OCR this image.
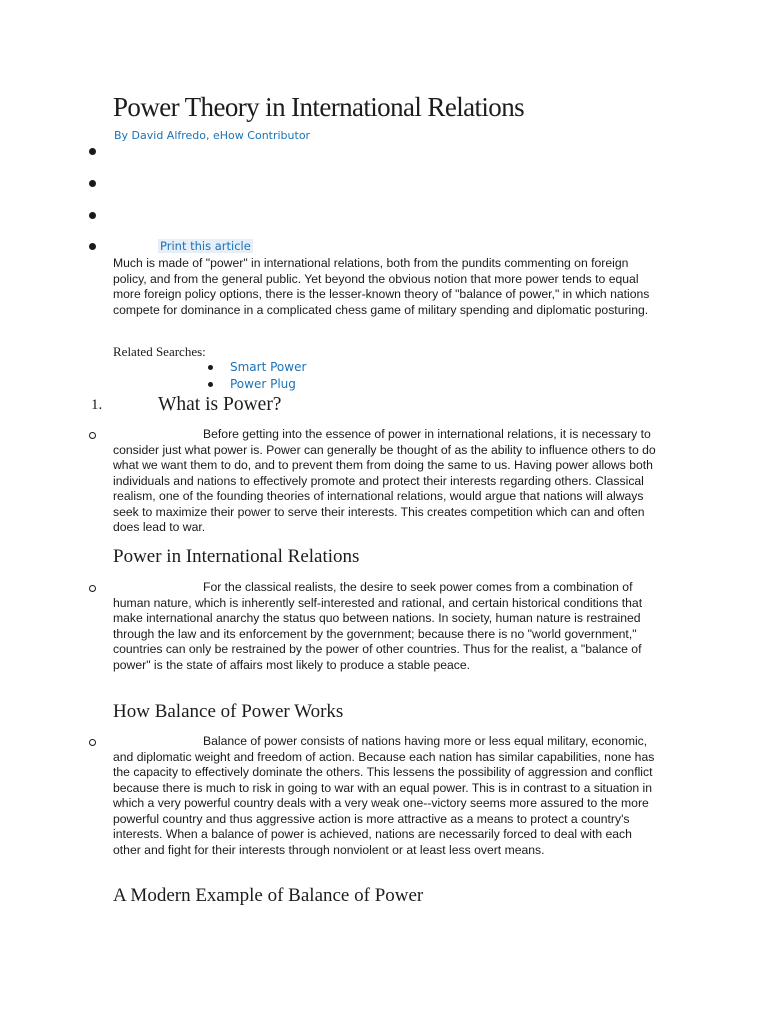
Power Theory in International Relations
By David Alfredo, eHow Contributor
Print this article
Much is made of "power" in international relations, both from the pundits commenting on foreign policy, and from the general public. Yet beyond the obvious notion that more power tends to equal more foreign policy options, there is the lesser-known theory of "balance of power," in which nations compete for dominance in a complicated chess game of military spending and diplomatic posturing.
Related Searches:
Smart Power
Power Plug
1.	What is Power?
Before getting into the essence of power in international relations, it is necessary to consider just what power is. Power can generally be thought of as the ability to influence others to do what we want them to do, and to prevent them from doing the same to us. Having power allows both individuals and nations to effectively promote and protect their interests regarding others. Classical realism, one of the founding theories of international relations, would argue that nations will always seek to maximize their power to serve their interests. This creates competition which can and often does lead to war.
Power in International Relations
For the classical realists, the desire to seek power comes from a combination of human nature, which is inherently self-interested and rational, and certain historical conditions that make international anarchy the status quo between nations. In society, human nature is restrained through the law and its enforcement by the government; because there is no "world government," countries can only be restrained by the power of other countries. Thus for the realist, a "balance of power" is the state of affairs most likely to produce a stable peace.
How Balance of Power Works
Balance of power consists of nations having more or less equal military, economic, and diplomatic weight and freedom of action. Because each nation has similar capabilities, none has the capacity to effectively dominate the others. This lessens the possibility of aggression and conflict because there is much to risk in going to war with an equal power. This is in contrast to a situation in which a very powerful country deals with a very weak one--victory seems more assured to the more powerful country and thus aggressive action is more attractive as a means to protect a country's interests. When a balance of power is achieved, nations are necessarily forced to deal with each other and fight for their interests through nonviolent or at least less overt means.
A Modern Example of Balance of Power
